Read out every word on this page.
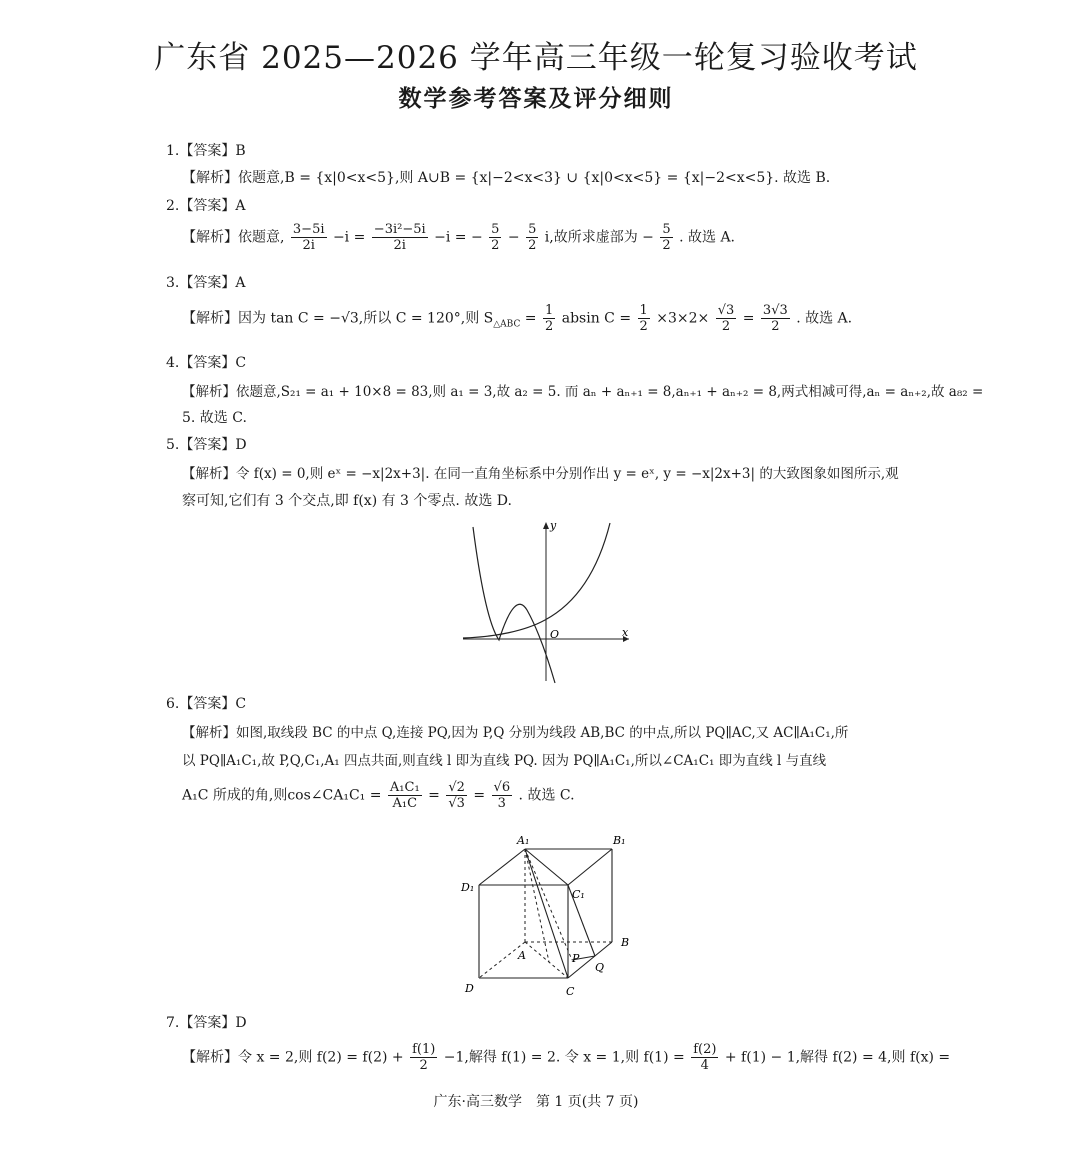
广东省 2025—2026 学年高三年级一轮复习验收考试
数学参考答案及评分细则
1.【答案】B
【解析】依题意,B = {x|0<x<5},则 A∪B = {x|−2<x<3} ∪ {x|0<x<5} = {x|−2<x<5}. 故选 B.
2.【答案】A
【解析】依题意, $\frac{3-5i}{2i} -i = \frac{\text{−3i²−5i}}{2i} -i$ = − $\frac{5}{2} - \frac{5}{2} i$,故所求虚部为 − $\frac{5}{2}$ . 故选 A.
3.【答案】A
【解析】因为 tan C = −√3,所以 C = 120°,则 $S_{\triangle ABC} = \frac{1}{2}$ absin $C = \frac{1}{2} \times 3\times 2\times \frac{√3}{2} = \frac{3√3}{2}$ . 故选 A.
4.【答案】C
【解析】依题意,S₂₁ = a₁ + 10×8 = 83,则 a₁ = 3,故 a₂ = 5. 而 aₙ + aₙ₊₁ = 8,aₙ₊₁ + aₙ₊₂ = 8,两式相减可得,aₙ = aₙ₊₂,故 a₈₂ =
5. 故选 C.
5.【答案】D
【解析】令 f(x) = 0,则 eˣ = −x|2x+3|. 在同一直角坐标系中分别作出 y = eˣ, y = −x|2x+3| 的大致图象如图所示,观
察可知,它们有 3 个交点,即 f(x) 有 3 个零点. 故选 D.
y
x
O
6.【答案】C
【解析】如图,取线段 BC 的中点 Q,连接 PQ,因为 P,Q 分别为线段 AB,BC 的中点,所以 PQ∥AC,又 AC∥A₁C₁,所
以 PQ∥A₁C₁,故 P,Q,C₁,A₁ 四点共面,则直线 l 即为直线 PQ. 因为 PQ∥A₁C₁,所以∠CA₁C₁ 即为直线 l 与直线
A₁C 所成的角,则cos∠CA₁C₁ = $\frac{\text{A₁C₁}}{\text{A₁C}} = \frac{√2}{√3} = \frac{√6}{3}$ . 故选 C.
A₁	B₁
C₁
D₁
A
B
C
D
P
Q
7.【答案】D
【解析】令 x = 2,则 $f(2) = f(2) + \frac{f(1)}{2} -1$,解得 f(1) = 2. 令 x = 1,则 $f(1) = \frac{f(2)}{4} + f(1) - 1$,解得 f(2) = 4,则 f(x) =
广东·高三数学　第 1 页(共 7 页)
